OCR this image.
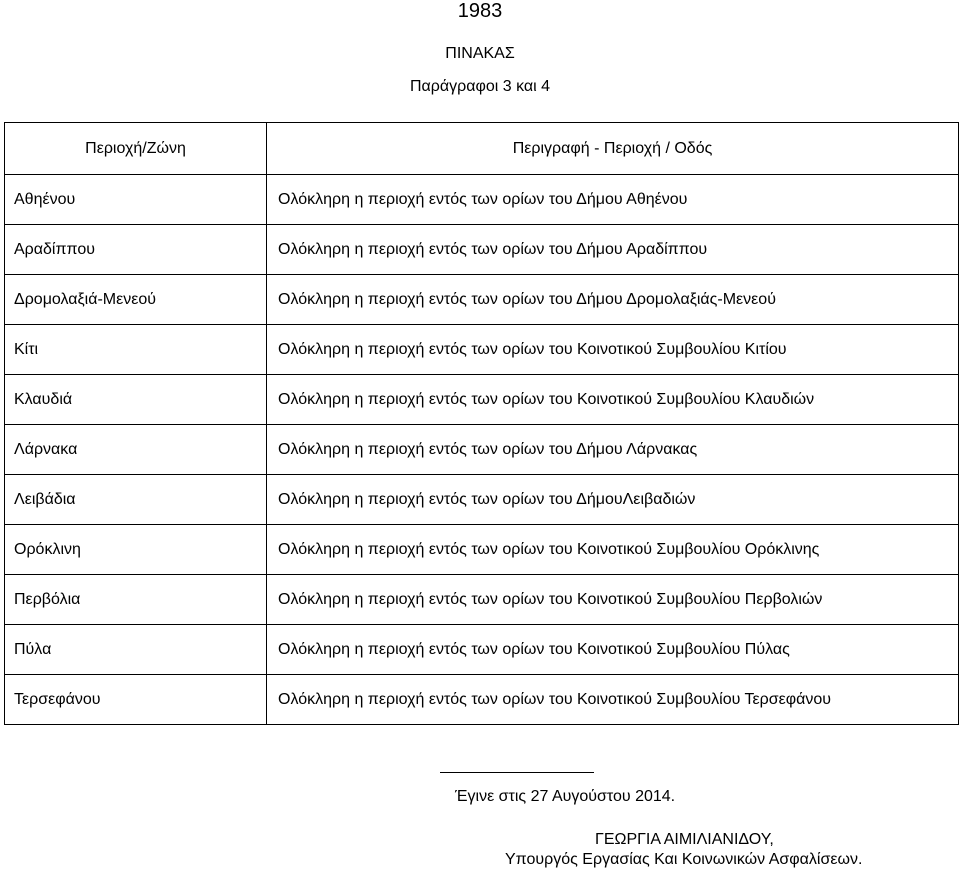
1983
ΠΙΝΑΚΑΣ
Παράγραφοι 3 και 4
Περιοχή/Ζώνη	Περιγραφή - Περιοχή / Οδός
Αθηένου	Ολόκληρη η περιοχή εντός των ορίων του Δήμου Αθηένου
Αραδίππου	Ολόκληρη η περιοχή εντός των ορίων του Δήμου Αραδίππου
Δρομολαξιά-Μενεού	Ολόκληρη η περιοχή εντός των ορίων του Δήμου Δρομολαξιάς-Μενεού
Κίτι	Ολόκληρη η περιοχή εντός των ορίων του Κοινοτικού Συμβουλίου Κιτίου
Κλαυδιά	Ολόκληρη η περιοχή εντός των ορίων του Κοινοτικού Συμβουλίου Κλαυδιών
Λάρνακα	Ολόκληρη η περιοχή εντός των ορίων του Δήμου Λάρνακας
Λειβάδια	Ολόκληρη η περιοχή εντός των ορίων του ΔήμουΛειβαδιών
Ορόκλινη	Ολόκληρη η περιοχή εντός των ορίων του Κοινοτικού Συμβουλίου Ορόκλινης
Περβόλια	Ολόκληρη η περιοχή εντός των ορίων του Κοινοτικού Συμβουλίου Περβολιών
Πύλα	Ολόκληρη η περιοχή εντός των ορίων του Κοινοτικού Συμβουλίου Πύλας
Τερσεφάνου	Ολόκληρη η περιοχή εντός των ορίων του Κοινοτικού Συμβουλίου Τερσεφάνου
Έγινε στις 27 Αυγούστου 2014.
ΓΕΩΡΓΙΑ ΑΙΜΙΛΙΑΝΙΔΟΥ,
Υπουργός Εργασίας Και Κοινωνικών Ασφαλίσεων.
